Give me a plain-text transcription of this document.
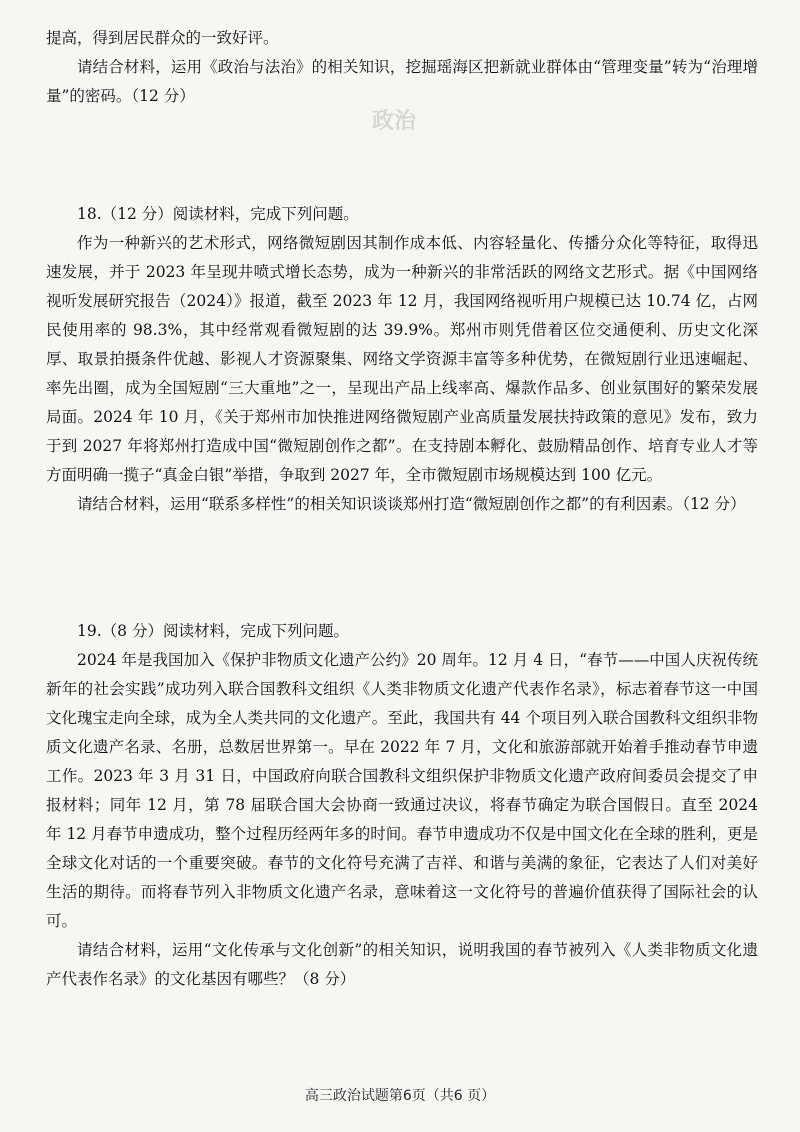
政治

提高，得到居民群众的一致好评。

请结合材料，运用《政治与法治》的相关知识，挖掘瑶海区把新就业群体由“管理变量”转为“治理增量”的密码。（12 分）

18.（12 分）阅读材料，完成下列问题。

作为一种新兴的艺术形式，网络微短剧因其制作成本低、内容轻量化、传播分众化等特征，取得迅速发展，并于 2023 年呈现井喷式增长态势，成为一种新兴的非常活跃的网络文艺形式。据《中国网络视听发展研究报告（2024）》报道，截至 2023 年 12 月，我国网络视听用户规模已达 10.74 亿，占网民使用率的 98.3%，其中经常观看微短剧的达 39.9%。郑州市则凭借着区位交通便利、历史文化深厚、取景拍摄条件优越、影视人才资源聚集、网络文学资源丰富等多种优势，在微短剧行业迅速崛起、率先出圈，成为全国短剧“三大重地”之一，呈现出产品上线率高、爆款作品多、创业氛围好的繁荣发展局面。2024 年 10 月，《关于郑州市加快推进网络微短剧产业高质量发展扶持政策的意见》发布，致力于到 2027 年将郑州打造成中国“微短剧创作之都”。在支持剧本孵化、鼓励精品创作、培育专业人才等方面明确一揽子“真金白银”举措，争取到 2027 年，全市微短剧市场规模达到 100 亿元。

请结合材料，运用“联系多样性”的相关知识谈谈郑州打造“微短剧创作之都”的有利因素。（12 分）

19.（8 分）阅读材料，完成下列问题。

2024 年是我国加入《保护非物质文化遗产公约》20 周年。12 月 4 日，“春节——中国人庆祝传统新年的社会实践”成功列入联合国教科文组织《人类非物质文化遗产代表作名录》，标志着春节这一中国文化瑰宝走向全球，成为全人类共同的文化遗产。至此，我国共有 44 个项目列入联合国教科文组织非物质文化遗产名录、名册，总数居世界第一。早在 2022 年 7 月，文化和旅游部就开始着手推动春节申遗工作。2023 年 3 月 31 日，中国政府向联合国教科文组织保护非物质文化遗产政府间委员会提交了申报材料；同年 12 月，第 78 届联合国大会协商一致通过决议，将春节确定为联合国假日。直至 2024 年 12 月春节申遗成功，整个过程历经两年多的时间。春节申遗成功不仅是中国文化在全球的胜利，更是全球文化对话的一个重要突破。春节的文化符号充满了吉祥、和谐与美满的象征，它表达了人们对美好生活的期待。而将春节列入非物质文化遗产名录，意味着这一文化符号的普遍价值获得了国际社会的认可。

请结合材料，运用“文化传承与文化创新”的相关知识，说明我国的春节被列入《人类非物质文化遗产代表作名录》的文化基因有哪些？（8 分）

高三政治试题第6页（共6 页）
